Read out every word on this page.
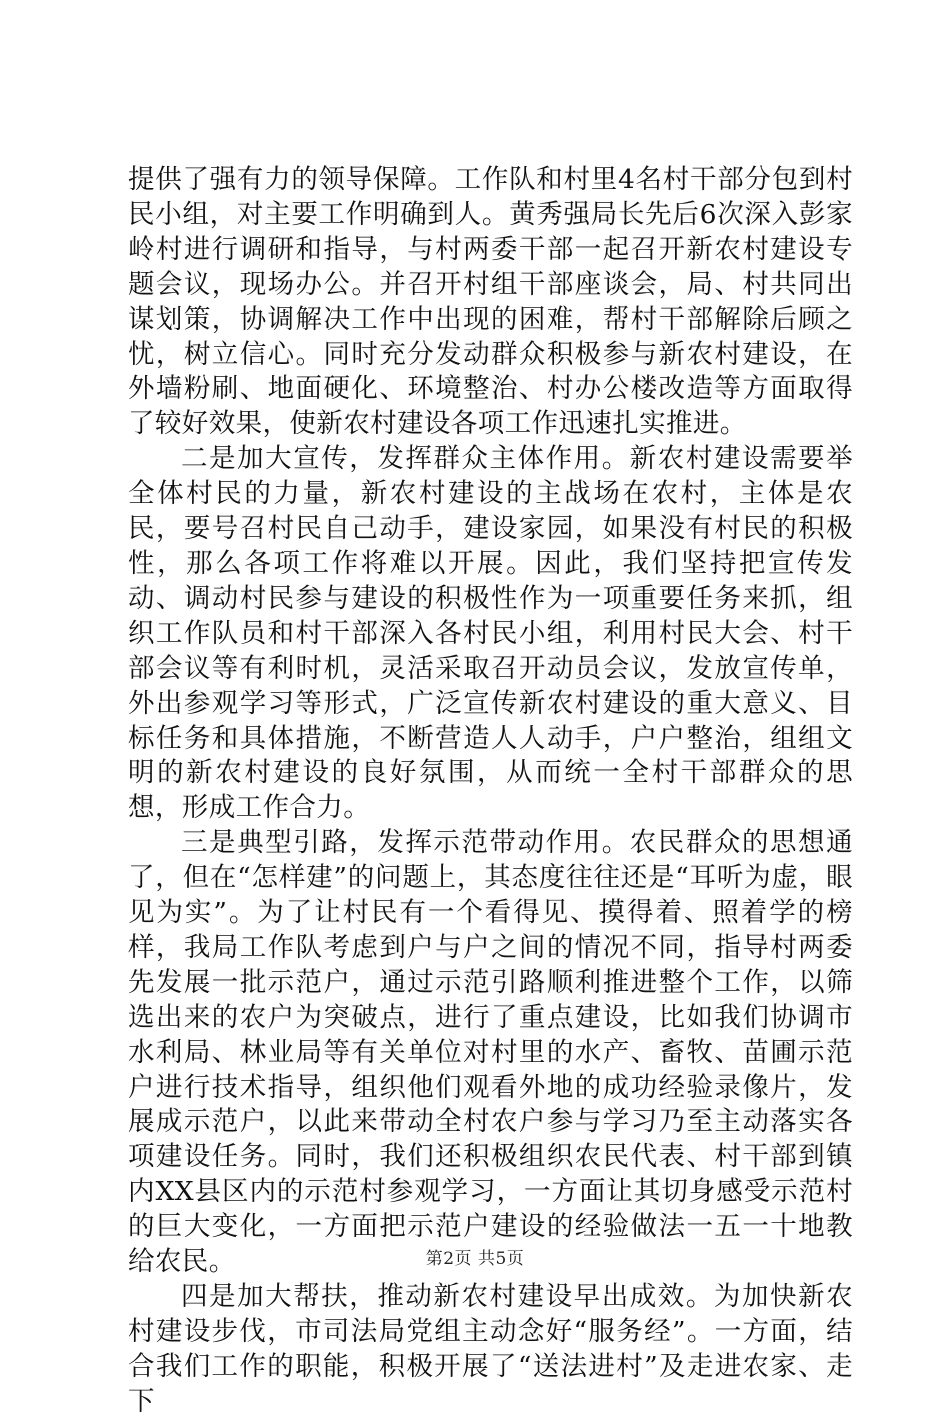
提供了强有力的领导保障。工作队和村里4名村干部分包到村民小组，对主要工作明确到人。黄秀强局长先后6次深入彭家岭村进行调研和指导，与村两委干部一起召开新农村建设专题会议，现场办公。并召开村组干部座谈会，局、村共同出谋划策，协调解决工作中出现的困难，帮村干部解除后顾之忧，树立信心。同时充分发动群众积极参与新农村建设，在外墙粉刷、地面硬化、环境整治、村办公楼改造等方面取得了较好效果，使新农村建设各项工作迅速扎实推进。

二是加大宣传，发挥群众主体作用。新农村建设需要举全体村民的力量，新农村建设的主战场在农村，主体是农民，要号召村民自己动手，建设家园，如果没有村民的积极性，那么各项工作将难以开展。因此，我们坚持把宣传发动、调动村民参与建设的积极性作为一项重要任务来抓，组织工作队员和村干部深入各村民小组，利用村民大会、村干部会议等有利时机，灵活采取召开动员会议，发放宣传单，外出参观学习等形式，广泛宣传新农村建设的重大意义、目标任务和具体措施，不断营造人人动手，户户整治，组组文明的新农村建设的良好氛围，从而统一全村干部群众的思想，形成工作合力。

三是典型引路，发挥示范带动作用。农民群众的思想通了，但在“怎样建”的问题上，其态度往往还是“耳听为虚，眼见为实”。为了让村民有一个看得见、摸得着、照着学的榜样，我局工作队考虑到户与户之间的情况不同，指导村两委先发展一批示范户，通过示范引路顺利推进整个工作，以筛选出来的农户为突破点，进行了重点建设，比如我们协调市水利局、林业局等有关单位对村里的水产、畜牧、苗圃示范户进行技术指导，组织他们观看外地的成功经验录像片，发展成示范户，以此来带动全村农户参与学习乃至主动落实各项建设任务。同时，我们还积极组织农民代表、村干部到镇内XX县区内的示范村参观学习，一方面让其切身感受示范村的巨大变化，一方面把示范户建设的经验做法一五一十地教给农民。

四是加大帮扶，推动新农村建设早出成效。为加快新农村建设步伐，市司法局党组主动念好“服务经”。一方面，结合我们工作的职能，积极开展了“送法进村”及走进农家、走下

第2页 共5页
